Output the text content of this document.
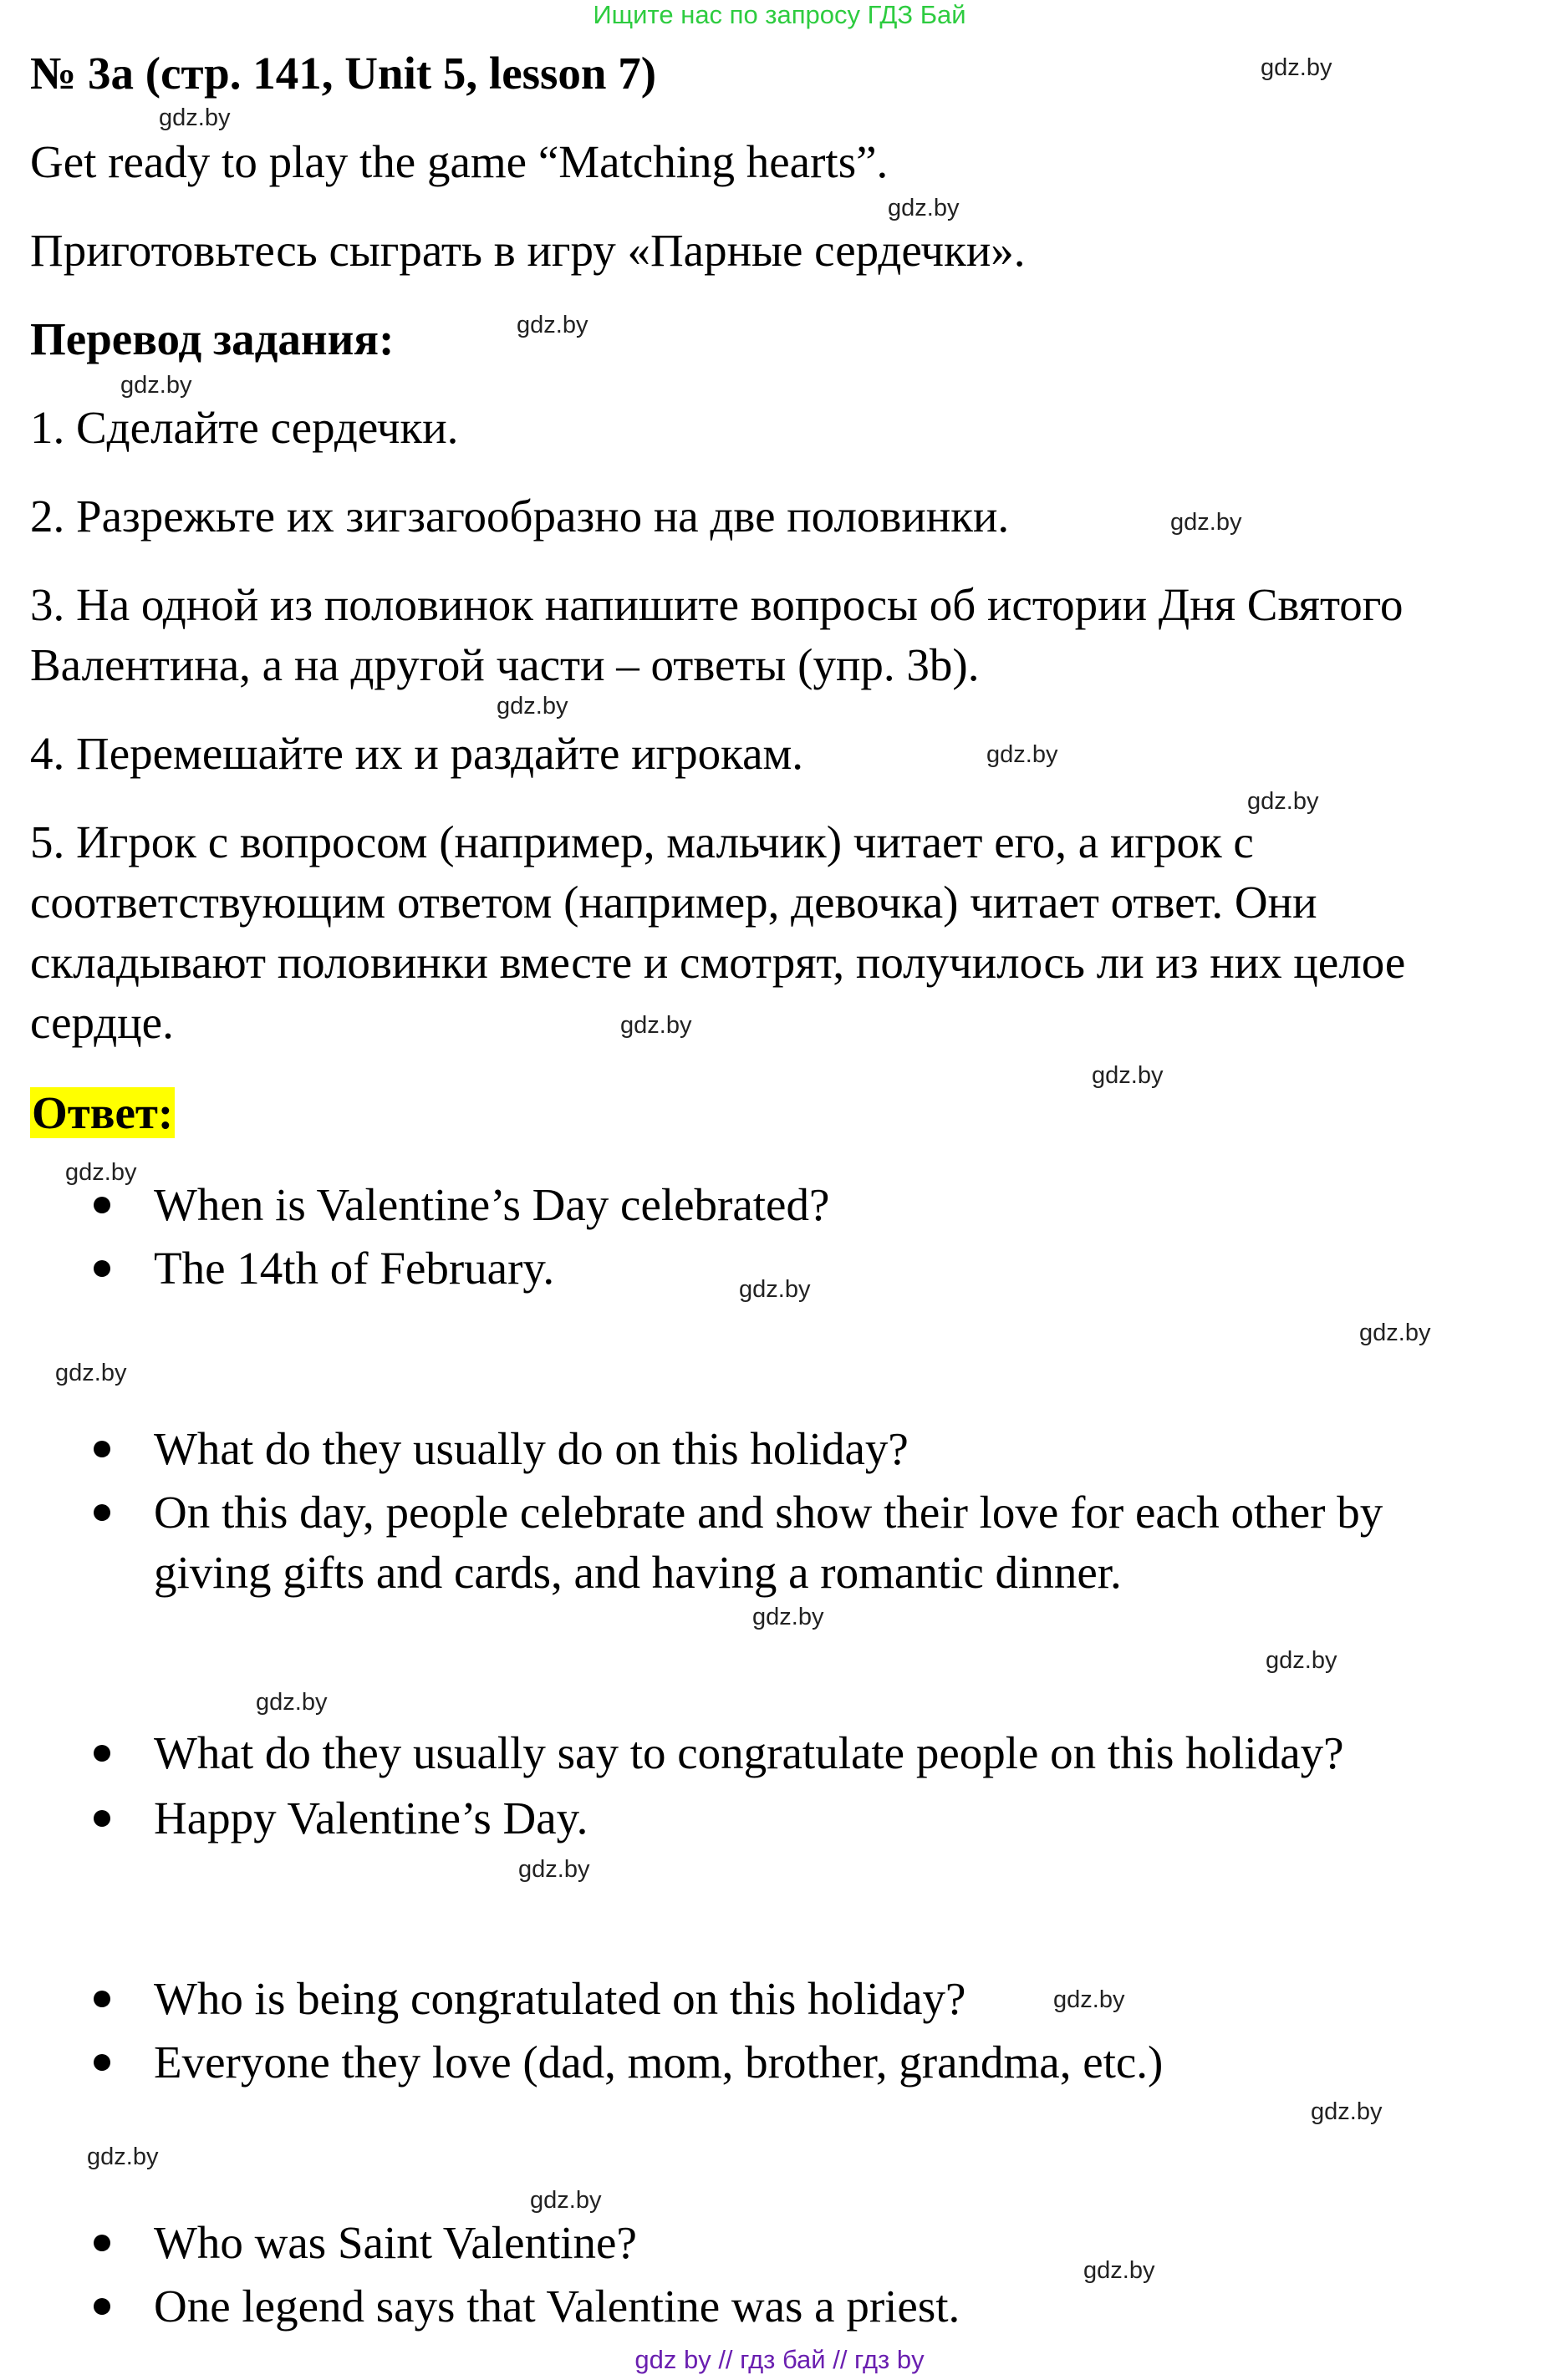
Ищите нас по запросу ГДЗ Бай
№ 3а (стр. 141, Unit 5, lesson 7)
Get ready to play the game “Matching hearts”.
Приготовьтесь сыграть в игру «Парные сердечки».
Перевод задания:
1. Сделайте сердечки.
2. Разрежьте их зигзагообразно на две половинки.
3. На одной из половинок напишите вопросы об истории Дня Святого
Валентина, а на другой части – ответы (упр. 3b).
4. Перемешайте их и раздайте игрокам.
5. Игрок с вопросом (например, мальчик) читает его, а игрок с
соответствующим ответом (например, девочка) читает ответ. Они
складывают половинки вместе и смотрят, получилось ли из них целое
сердце.
Ответ:
When is Valentine’s Day celebrated?
The 14th of February.
What do they usually do on this holiday?
On this day, people celebrate and show their love for each other by
giving gifts and cards, and having a romantic dinner.
What do they usually say to congratulate people on this holiday?
Happy Valentine’s Day.
Who is being congratulated on this holiday?
Everyone they love (dad, mom, brother, grandma, etc.)
Who was Saint Valentine?
One legend says that Valentine was a priest.
gdz.by
gdz.by
gdz.by
gdz.by
gdz.by
gdz.by
gdz.by
gdz.by
gdz.by
gdz.by
gdz.by
gdz.by
gdz.by
gdz.by
gdz.by
gdz.by
gdz.by
gdz.by
gdz.by
gdz.by
gdz.by
gdz.by
gdz.by
gdz.by
gdz by // гдз бай // гдз by
